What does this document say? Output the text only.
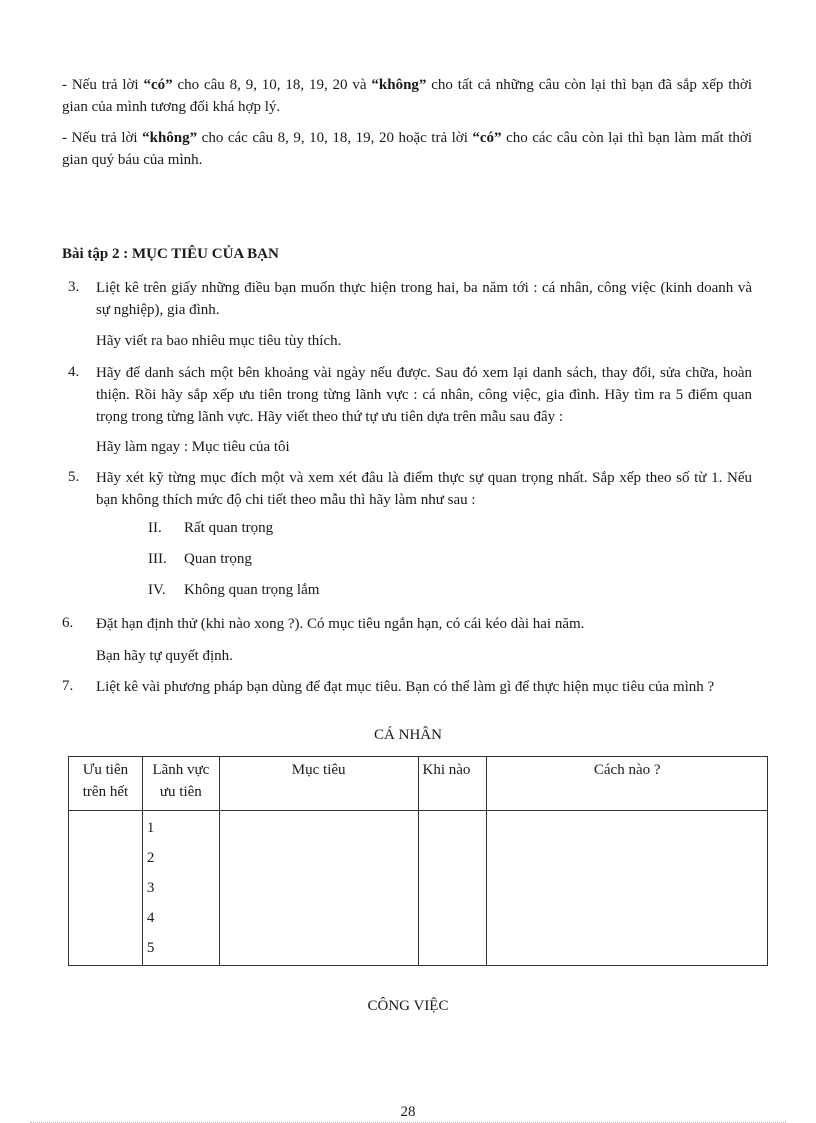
- Nếu trả lời “có” cho câu 8, 9, 10, 18, 19, 20 và “không” cho tất cả những câu còn lại thì bạn đã sắp xếp thời gian của mình tương đối khá hợp lý.
- Nếu trả lời “không” cho các câu 8, 9, 10, 18, 19, 20 hoặc trả lời “có” cho các câu còn lại thì bạn làm mất thời gian quý báu của mình.
Bài tập 2 : MỤC TIÊU CỦA BẠN
3.	Liệt kê trên giấy những điều bạn muốn thực hiện trong hai, ba năm tới : cá nhân, công việc (kinh doanh và sự nghiệp), gia đình.
Hãy viết ra bao nhiêu mục tiêu tùy thích.
4.	Hãy để danh sách một bên khoảng vài ngày nếu được. Sau đó xem lại danh sách, thay đổi, sửa chữa, hoàn thiện. Rồi hãy sắp xếp ưu tiên trong từng lãnh vực : cá nhân, công việc, gia đình. Hãy tìm ra 5 điểm quan trọng trong từng lãnh vực. Hãy viết theo thứ tự ưu tiên dựa trên mẫu sau đây :
Hãy làm ngay : Mục tiêu của tôi
5.	Hãy xét kỹ từng mục đích một và xem xét đâu là điểm thực sự quan trọng nhất. Sắp xếp theo số từ 1. Nếu bạn không thích mức độ chi tiết theo mẫu thì hãy làm như sau :
II.	Rất quan trọng
III.	Quan trọng
IV.	Không quan trọng lắm
6.	Đặt hạn định thử (khi nào xong ?). Có mục tiêu ngắn hạn, có cái kéo dài hai năm.
Bạn hãy tự quyết định.
7.	Liệt kê vài phương pháp bạn dùng để đạt mục tiêu. Bạn có thể làm gì để thực hiện mục tiêu của mình ?
CÁ NHÂN
Ưu tiên trên hết	Lãnh vực ưu tiên	Mục tiêu	Khi nào	Cách nào ?

	1
2
3
4
5			

CÔNG VIỆC
28
